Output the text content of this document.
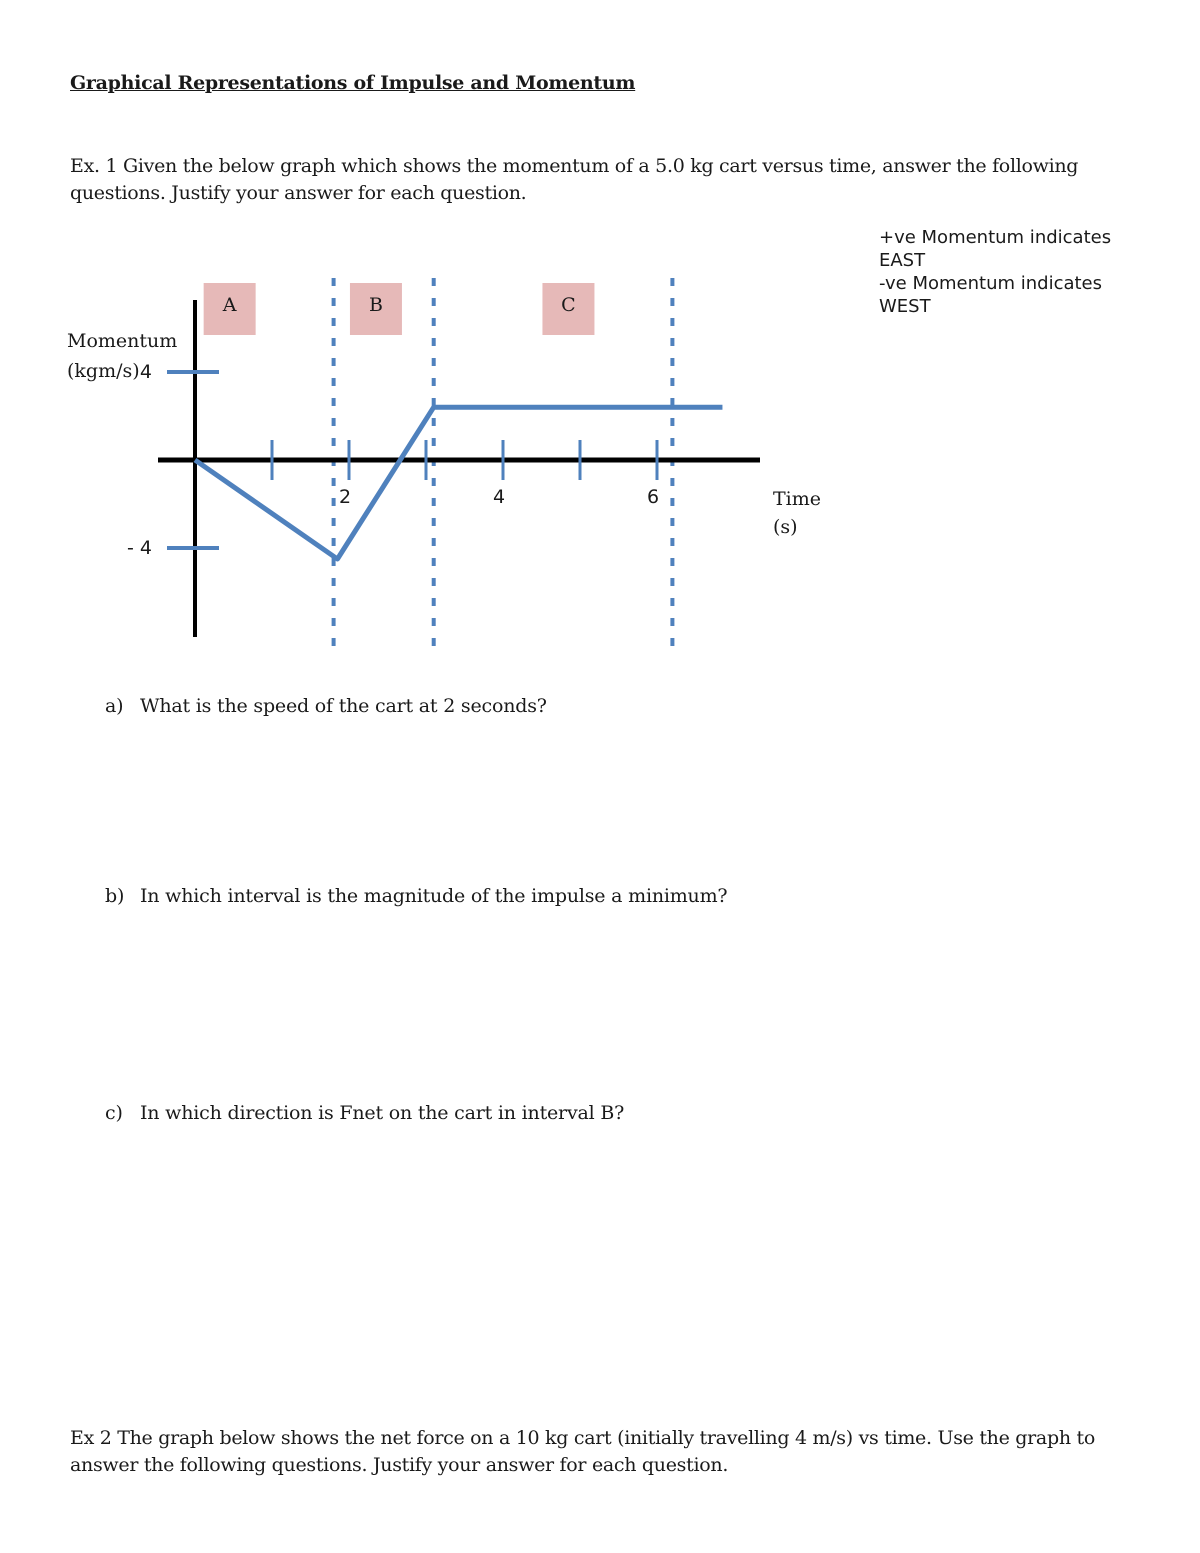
Graphical Representations of Impulse and Momentum
Ex. 1 Given the below graph which shows the momentum of a 5.0 kg cart versus time, answer the following questions. Justify your answer for each question.
+ve Momentum indicates
EAST
-ve Momentum indicates
WEST
A	B	C
4
- 4
2	4	6
Momentum
(kgm/s)
Time
(s)
a) What is the speed of the cart at 2 seconds?
b) In which interval is the magnitude of the impulse a minimum?
c) In which direction is Fnet on the cart in interval B?
Ex 2 The graph below shows the net force on a 10 kg cart (initially travelling 4 m/s) vs time. Use the graph to answer the following questions. Justify your answer for each question.
